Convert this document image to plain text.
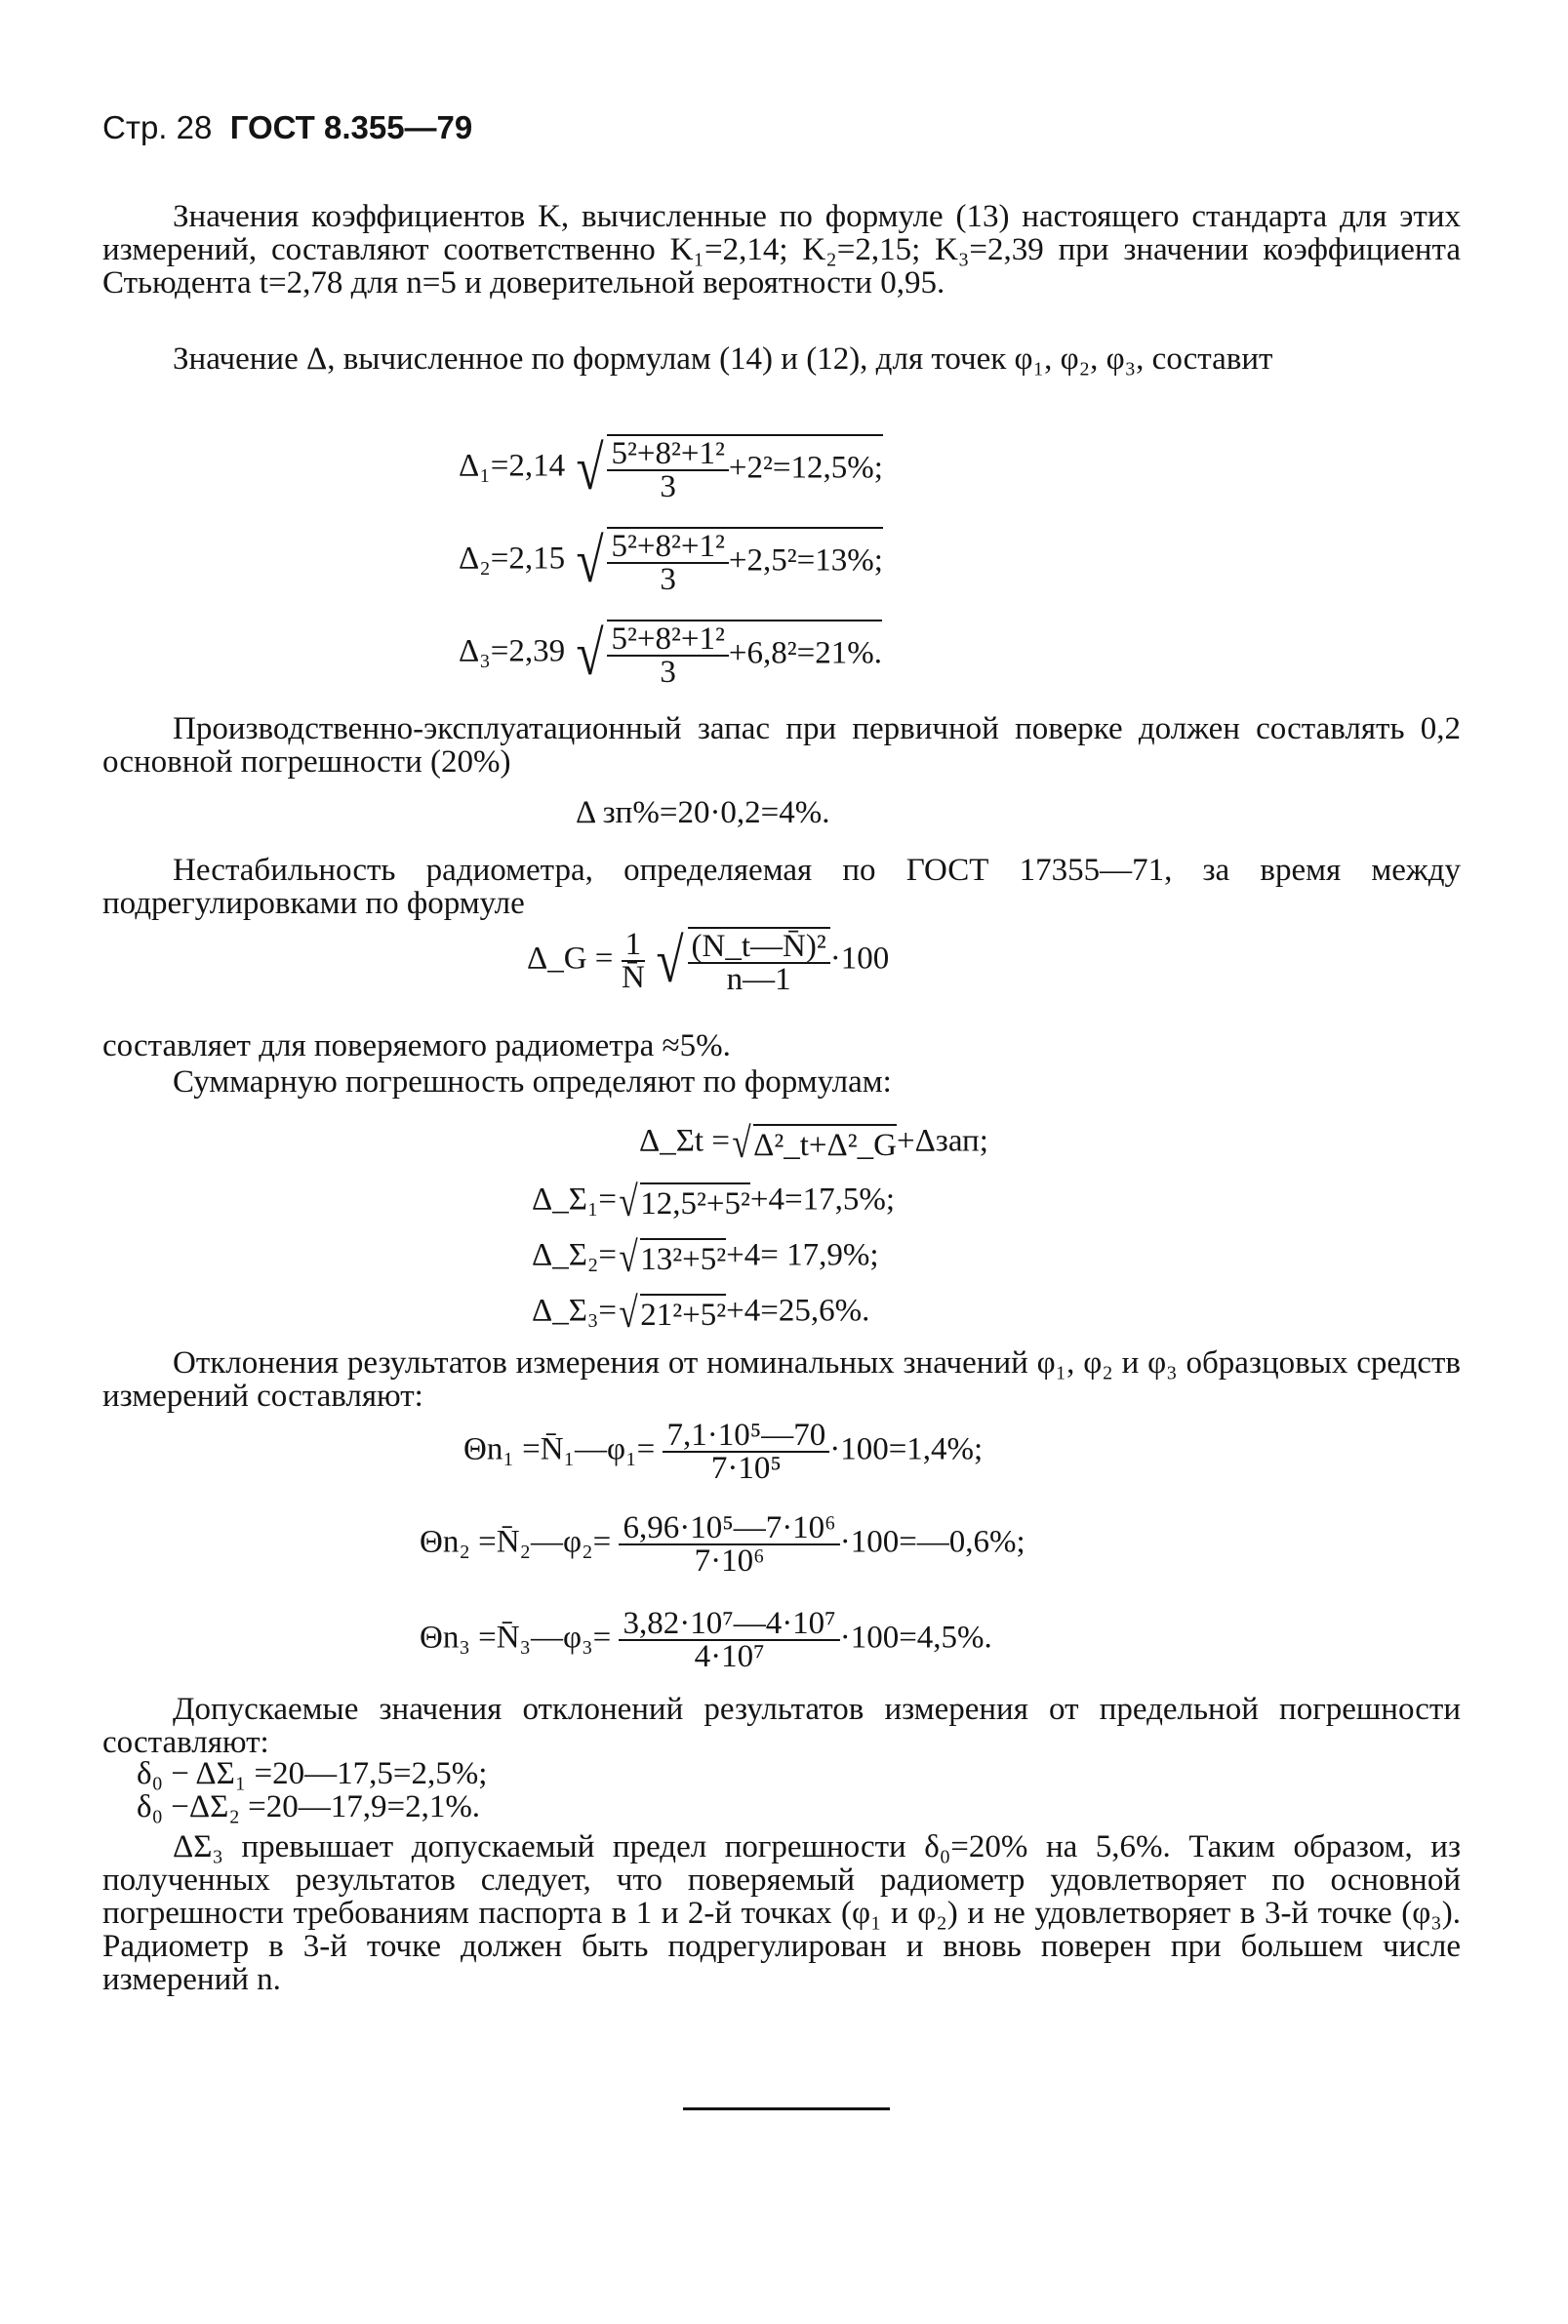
Стр. 28 ГОСТ 8.355—79
Значения коэффициентов K, вычисленные по формуле (13) настоящего стандарта для этих измерений, составляют соответственно K₁=2,14; K₂=2,15; K₃=2,39 при значении коэффициента Стьюдента t=2,78 для n=5 и доверительной вероятности 0,95.
Значение Δ, вычисленное по формулам (14) и (12), для точек φ₁, φ₂, φ₃, составит
Δ₁=2,14 √ $\frac{\text{5²+8²+1²}}{3} +2^2=12,5\%$;
Δ₂=2,15 √ $\frac{\text{5²+8²+1²}}{3} +2,5^2=13\%$;
Δ₃=2,39 √ $\frac{\text{5²+8²+1²}}{3} +6,8^2=21\%$.
Производственно-эксплуатационный запас при первичной поверке должен составлять 0,2 основной погрешности (20%)
Δ зп%=20·0,2=4%.
Нестабильность радиометра, определяемая по ГОСТ 17355—71, за время между подрегулировками по формуле
Δ_G = $\frac{1}{N̄}$ √ $\frac{\text{(N\_t—N̄)²}}{n—1} \cdot 100$
составляет для поверяемого радиометра ≈5%.
Суммарную погрешность определяют по формулам:
Δ_Σt =√Δ²_t+Δ²_G+Δзап;
Δ_Σ₁=√12,5²+5²+4=17,5%;
Δ_Σ₂=√13²+5²+4= 17,9%;
Δ_Σ₃=√21²+5²+4=25,6%.
Отклонения результатов измерения от номинальных значений φ₁, φ₂ и φ₃ образцовых средств измерений составляют:
Θn₁ =N̄₁—φ₁= $\frac{\text{7,1·10⁵—70}}{\text{7·10⁵}} \cdot 100=1,4\%$;
Θn₂ =N̄₂—φ₂= $\frac{\text{6,96·10⁵—7·10⁶}}{\text{7·10⁶}}$ ·100=—0,6%;
Θn₃ =N̄₃—φ₃= $\frac{\text{3,82·10⁷—4·10⁷}}{\text{4·10⁷}} \cdot 100=4,5\%$.
Допускаемые значения отклонений результатов измерения от предельной погрешности составляют:
δ₀ − ΔΣ₁ =20—17,5=2,5%;
δ₀ −ΔΣ₂ =20—17,9=2,1%.
ΔΣ₃ превышает допускаемый предел погрешности δ₀=20% на 5,6%. Таким образом, из полученных результатов следует, что поверяемый радиометр удовлетворяет по основной погрешности требованиям паспорта в 1 и 2-й точках (φ₁ и φ₂) и не удовлетворяет в 3-й точке (φ₃). Радиометр в 3-й точке должен быть подрегулирован и вновь поверен при большем числе измерений n.
